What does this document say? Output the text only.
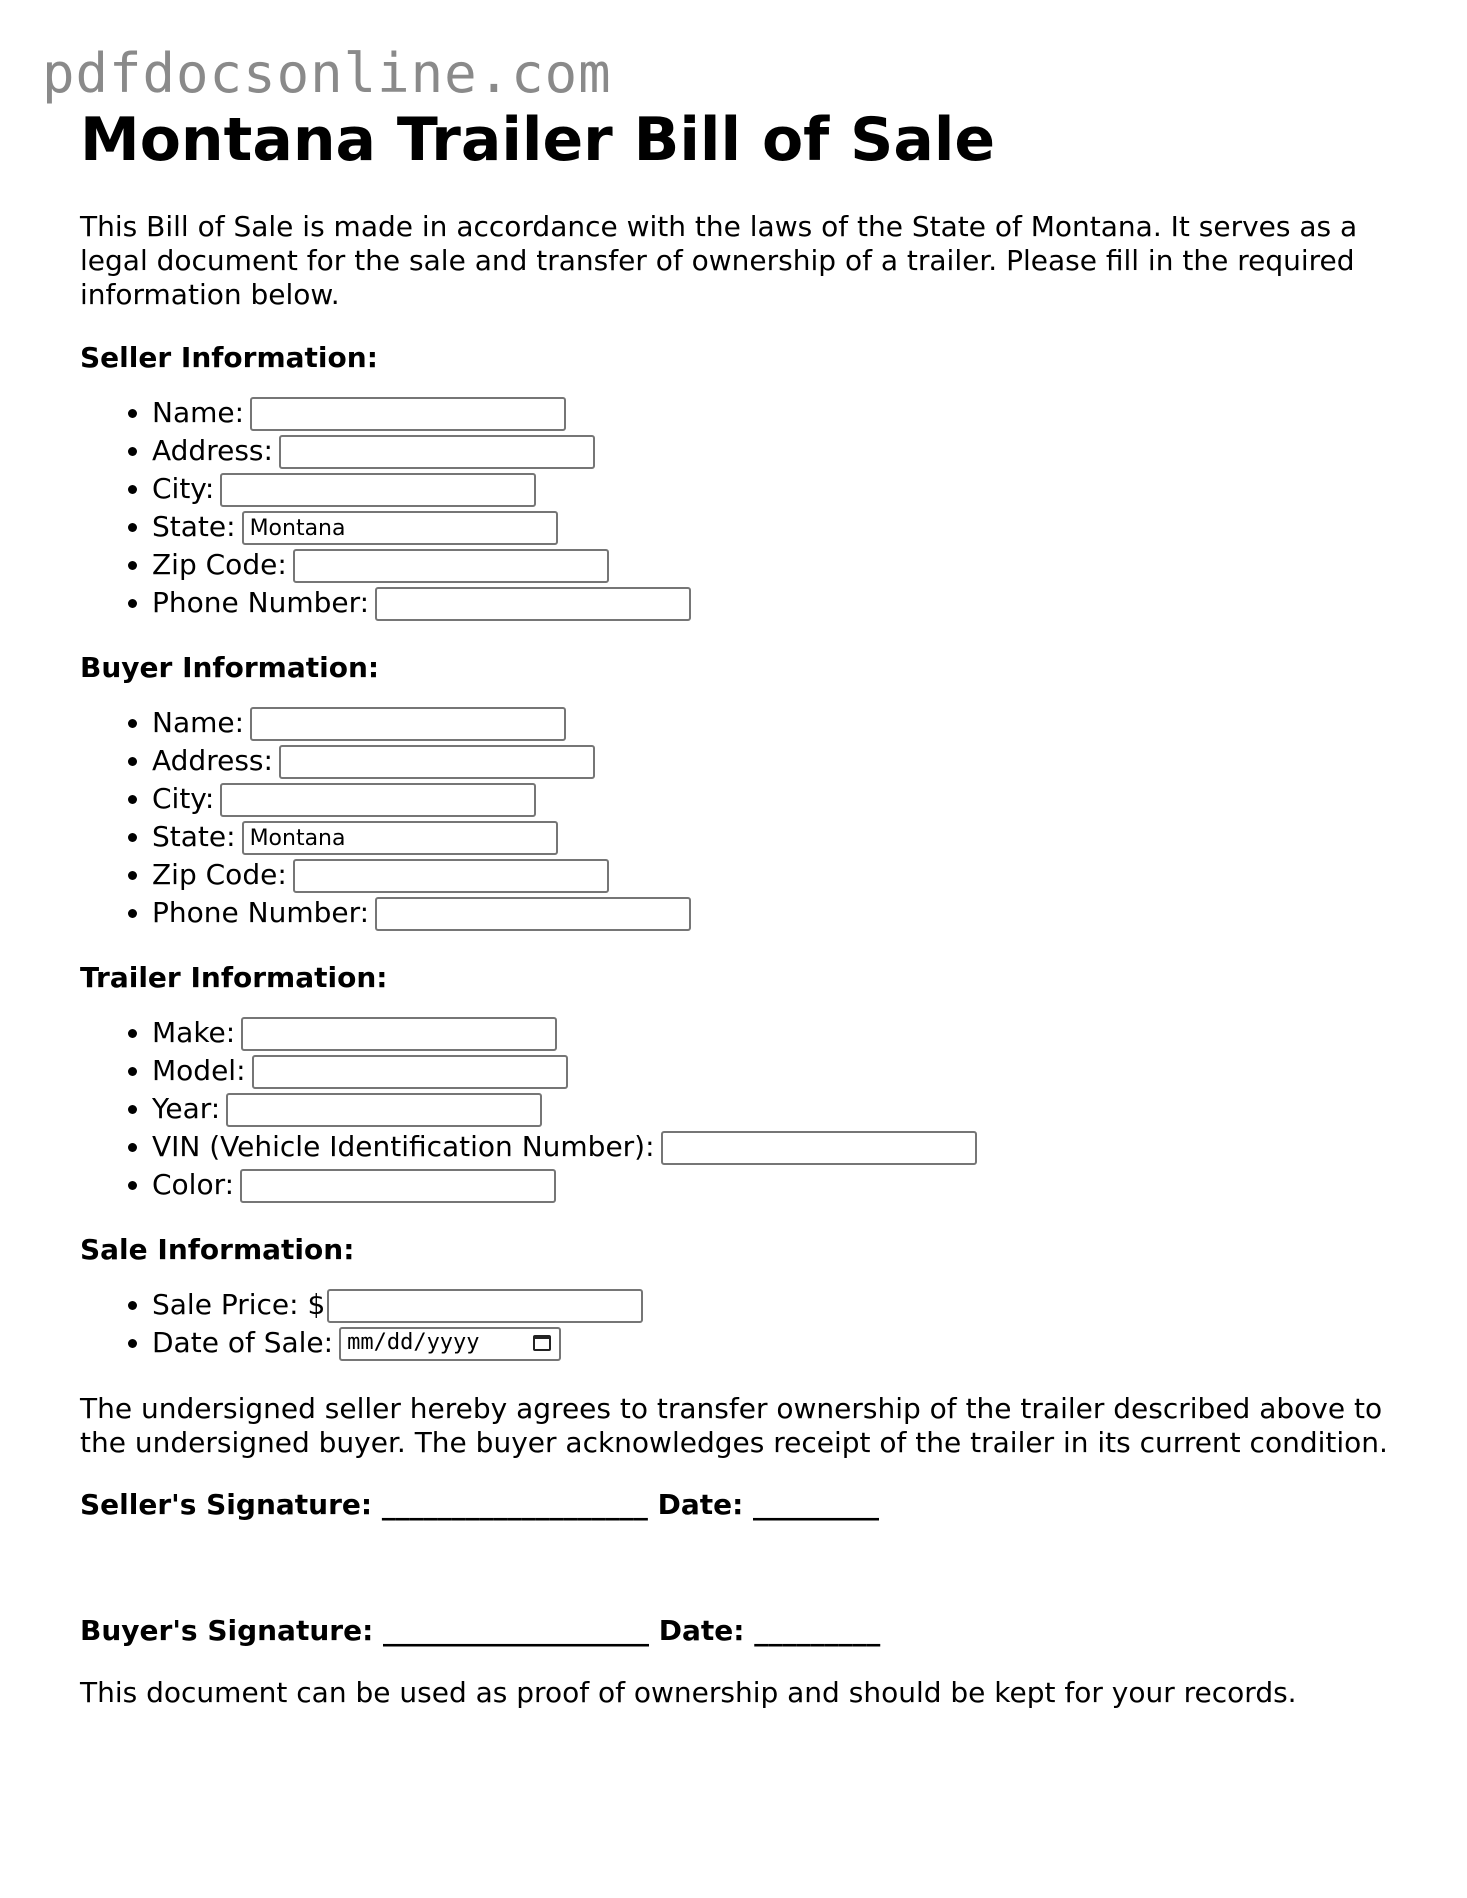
pdfdocsonline.com
Montana Trailer Bill of Sale

This Bill of Sale is made in accordance with the laws of the State of Montana. It serves as a legal document for the sale and transfer of ownership of a trailer. Please fill in the required information below.

Seller Information:
• Name:
• Address:
• City:
• State:Montana
• Zip Code:
• Phone Number:
Buyer Information:
• Name:
• Address:
• City:
• State:Montana
• Zip Code:
• Phone Number:
Trailer Information:
• Make:
• Model:
• Year:
• VIN (Vehicle Identification Number):
• Color:
Sale Information:
• Sale Price: $
• Date of Sale: mm/dd/yyyy

The undersigned seller hereby agrees to transfer ownership of the trailer described above to the undersigned buyer. The buyer acknowledges receipt of the trailer in its current condition.

Seller's Signature: ___________________ Date: _________

Buyer's Signature: ___________________ Date: _________

This document can be used as proof of ownership and should be kept for your records.
